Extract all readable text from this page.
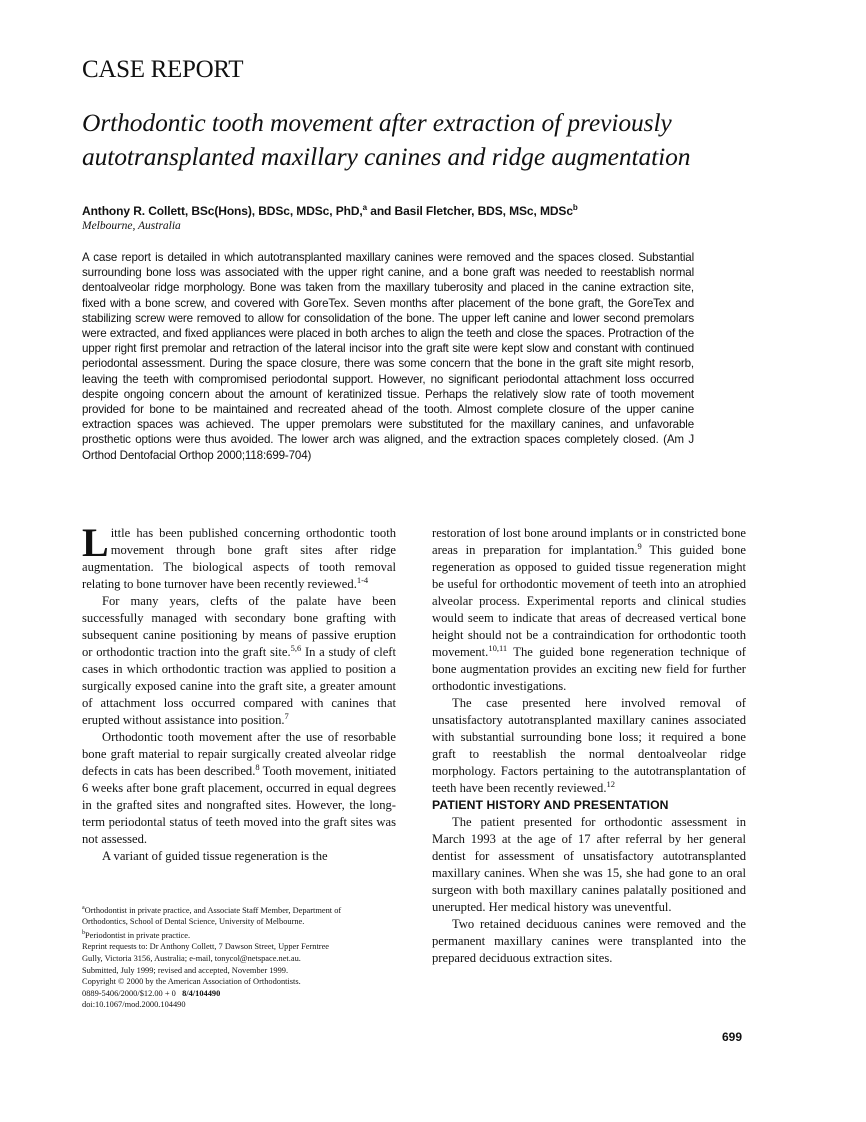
CASE REPORT
Orthodontic tooth movement after extraction of previously autotransplanted maxillary canines and ridge augmentation
Anthony R. Collett, BSc(Hons), BDSc, MDSc, PhD,$^a$ and Basil Fletcher, BDS, MSc, MDSc$^b$
Melbourne, Australia
A case report is detailed in which autotransplanted maxillary canines were removed and the spaces closed. Substantial surrounding bone loss was associated with the upper right canine, and a bone graft was needed to reestablish normal dentoalveolar ridge morphology. Bone was taken from the maxillary tuberosity and placed in the canine extraction site, fixed with a bone screw, and covered with GoreTex. Seven months after placement of the bone graft, the GoreTex and stabilizing screw were removed to allow for consolidation of the bone. The upper left canine and lower second premolars were extracted, and fixed appliances were placed in both arches to align the teeth and close the spaces. Protraction of the upper right first premolar and retraction of the lateral incisor into the graft site were kept slow and constant with continued periodontal assessment. During the space closure, there was some concern that the bone in the graft site might resorb, leaving the teeth with compromised periodontal support. However, no significant periodontal attachment loss occurred despite ongoing concern about the amount of keratinized tissue. Perhaps the relatively slow rate of tooth movement provided for bone to be maintained and recreated ahead of the tooth. Almost complete closure of the upper canine extraction spaces was achieved. The upper premolars were substituted for the maxillary canines, and unfavorable prosthetic options were thus avoided. The lower arch was aligned, and the extraction spaces completely closed. (Am J Orthod Dentofacial Orthop 2000;118:699-704)

Little has been published concerning orthodontic tooth movement through bone graft sites after ridge augmentation. The biological aspects of tooth removal relating to bone turnover have been recently reviewed.$^{1-4}$

For many years, clefts of the palate have been successfully managed with secondary bone grafting with subsequent canine positioning by means of passive eruption or orthodontic traction into the graft site.$^{5,6}$ In a study of cleft cases in which orthodontic traction was applied to position a surgically exposed canine into the graft site, a greater amount of attachment loss occurred compared with canines that erupted without assistance into position.$^7$

Orthodontic tooth movement after the use of resorbable bone graft material to repair surgically created alveolar ridge defects in cats has been described.$^8$ Tooth movement, initiated 6 weeks after bone graft placement, occurred in equal degrees in the grafted sites and nongrafted sites. However, the long-term periodontal status of teeth moved into the graft sites was not assessed.

A variant of guided tissue regeneration is the

restoration of lost bone around implants or in constricted bone areas in preparation for implantation.$^9$ This guided bone regeneration as opposed to guided tissue regeneration might be useful for orthodontic movement of teeth into an atrophied alveolar process. Experimental reports and clinical studies would seem to indicate that areas of decreased vertical bone height should not be a contraindication for orthodontic tooth movement.$^{10,11}$ The guided bone regeneration technique of bone augmentation provides an exciting new field for further orthodontic investigations.

The case presented here involved removal of unsatisfactory autotransplanted maxillary canines associated with substantial surrounding bone loss; it required a bone graft to reestablish the normal dentoalveolar ridge morphology. Factors pertaining to the autotransplantation of teeth have been recently reviewed.$^{12}$

PATIENT HISTORY AND PRESENTATION

The patient presented for orthodontic assessment in March 1993 at the age of 17 after referral by her general dentist for assessment of unsatisfactory autotransplanted maxillary canines. When she was 15, she had gone to an oral surgeon with both maxillary canines palatally positioned and unerupted. Her medical history was uneventful.

Two retained deciduous canines were removed and the permanent maxillary canines were transplanted into the prepared deciduous extraction sites.

$^a$Orthodontist in private practice, and Associate Staff Member, Department of
Orthodontics, School of Dental Science, University of Melbourne.
$^b$Periodontist in private practice.
Reprint requests to: Dr Anthony Collett, 7 Dawson Street, Upper Ferntree
Gully, Victoria 3156, Australia; e-mail, tonycol@netspace.net.au.
Submitted, July 1999; revised and accepted, November 1999.
Copyright © 2000 by the American Association of Orthodontists.
0889-5406/2000/$12.00 + 0 8/4/104490
doi:10.1067/mod.2000.104490
699
